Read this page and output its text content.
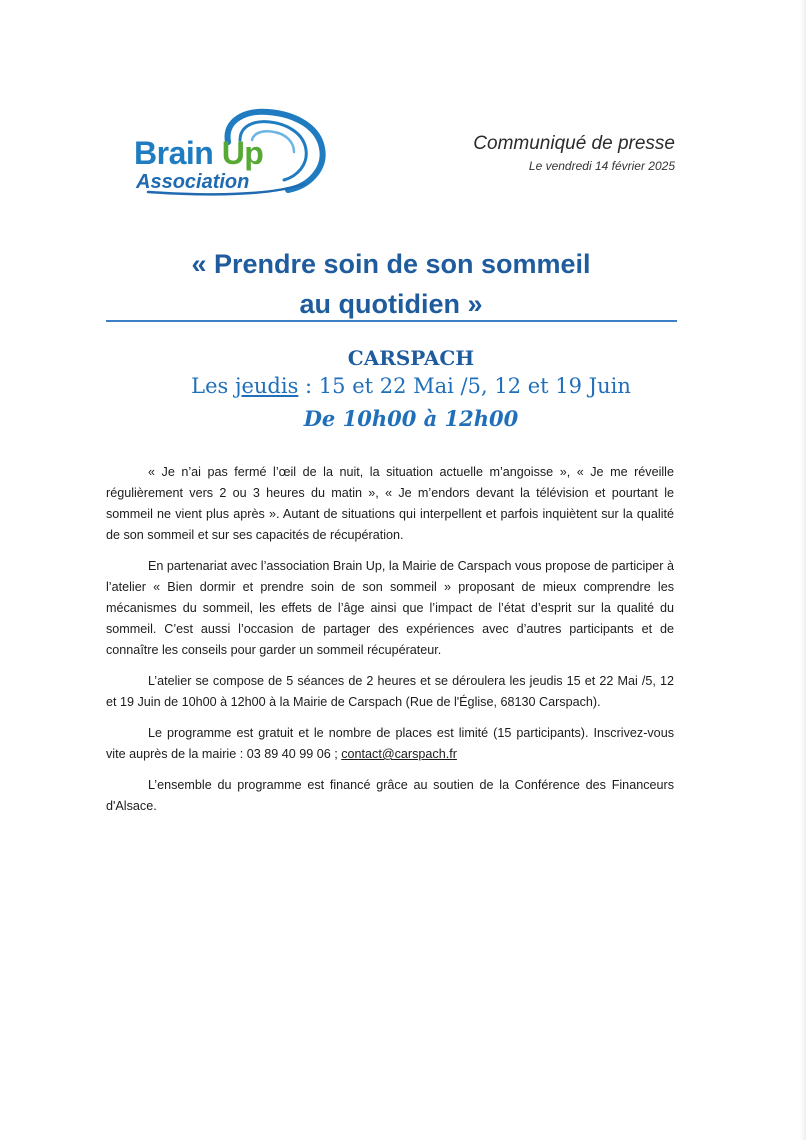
Brain Up
Association
Communiqué de presse
Le vendredi 14 février 2025
« Prendre soin de son sommeil
au quotidien »
CARSPACH
Les jeudis : 15 et 22 Mai /5, 12 et 19 Juin
De 10h00 à 12h00

« Je n’ai pas fermé l’œil de la nuit, la situation actuelle m’angoisse », « Je me réveille régulièrement vers 2 ou 3 heures du matin », « Je m’endors devant la télévision et pourtant le sommeil ne vient plus après ». Autant de situations qui interpellent et parfois inquiètent sur la qualité de son sommeil et sur ses capacités de récupération.

En partenariat avec l’association Brain Up, la Mairie de Carspach vous propose de participer à l’atelier « Bien dormir et prendre soin de son sommeil » proposant de mieux comprendre les mécanismes du sommeil, les effets de l’âge ainsi que l’impact de l’état d’esprit sur la qualité du sommeil. C’est aussi l’occasion de partager des expériences avec d’autres participants et de connaître les conseils pour garder un sommeil récupérateur.

L’atelier se compose de 5 séances de 2 heures et se déroulera les jeudis 15 et 22 Mai /5, 12 et 19 Juin de 10h00 à 12h00 à la Mairie de Carspach (Rue de l'Église, 68130 Carspach).

Le programme est gratuit et le nombre de places est limité (15 participants). Inscrivez-vous vite auprès de la mairie : 03 89 40 99 06 ; contact@carspach.fr

L’ensemble du programme est financé grâce au soutien de la Conférence des Financeurs d'Alsace.
